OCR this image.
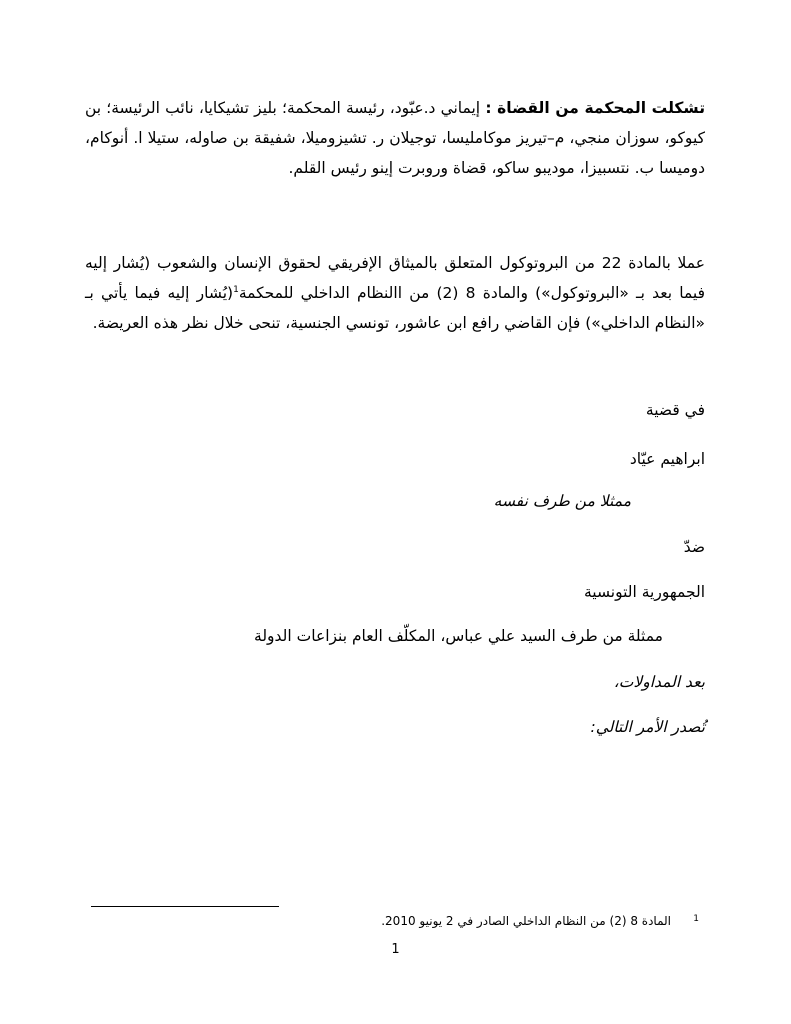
تشكلت المحكمة من القضاة : إيماني د.عبّود، رئيسة المحكمة؛ بليز تشيكايا، نائب الرئيسة؛ بن كيوكو، سوزان منجي، م–تيريز موكامليسا، توجيلان ر. تشيزوميلا، شفيقة بن صاوله، ستيلا ا. أنوكام، دوميسا ب. نتسبيزا، موديبو ساكو، قضاة وروبرت إينو رئيس القلم.
عملا بالمادة 22 من البروتوكول المتعلق بالميثاق الإفريقي لحقوق الإنسان والشعوب (يُشار إليه فيما بعد بـ «البروتوكول») والمادة 8 (2) من االنظام الداخلي للمحكمة$^1$(يُشار إليه فيما يأتي بـ «النظام الداخلي») فإن القاضي رافع ابن عاشور، تونسي الجنسية، تنحى خلال نظر هذه العريضة.
في قضية
ابراهيم عيّاد
ممثلا من طرف نفسه
ضدّ
الجمهورية التونسية
ممثلة من طرف السيد علي عباس، المكلّف العام بنزاعات الدولة
بعد المداولات،
تُصدر الأمر التالي:
1
المادة 8 (2) من النظام الداخلي الصادر في 2 يونيو 2010.
1
